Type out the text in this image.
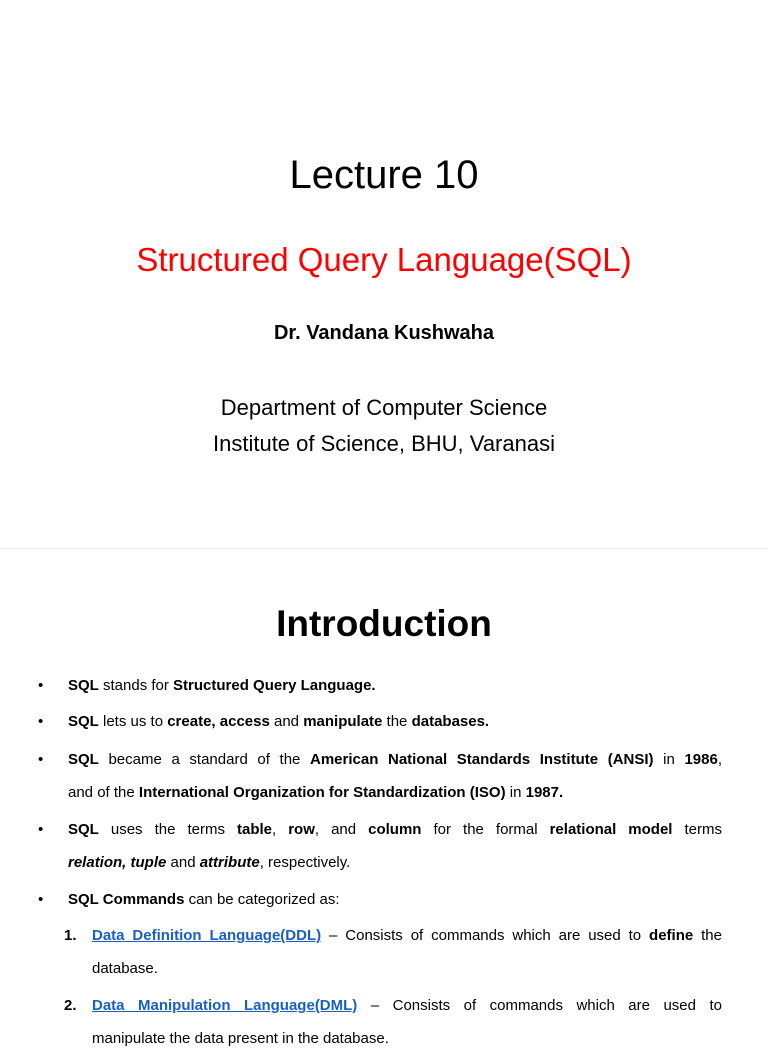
Lecture 10
Structured Query Language(SQL)
Dr. Vandana Kushwaha
Department of Computer Science
Institute of Science, BHU, Varanasi
Introduction
• SQL stands for Structured Query Language.
• SQL lets us to create, access and manipulate the databases.
• SQL became a standard of the American National Standards Institute (ANSI) in 1986,
and of the International Organization for Standardization (ISO) in 1987.
• SQL uses the terms table, row, and column for the formal relational model terms
relation, tuple and attribute, respectively.
• SQL Commands can be categorized as:
1. Data Definition Language(DDL) – Consists of commands which are used to define the
database.
2. Data Manipulation Language(DML) – Consists of commands which are used to
manipulate the data present in the database.
